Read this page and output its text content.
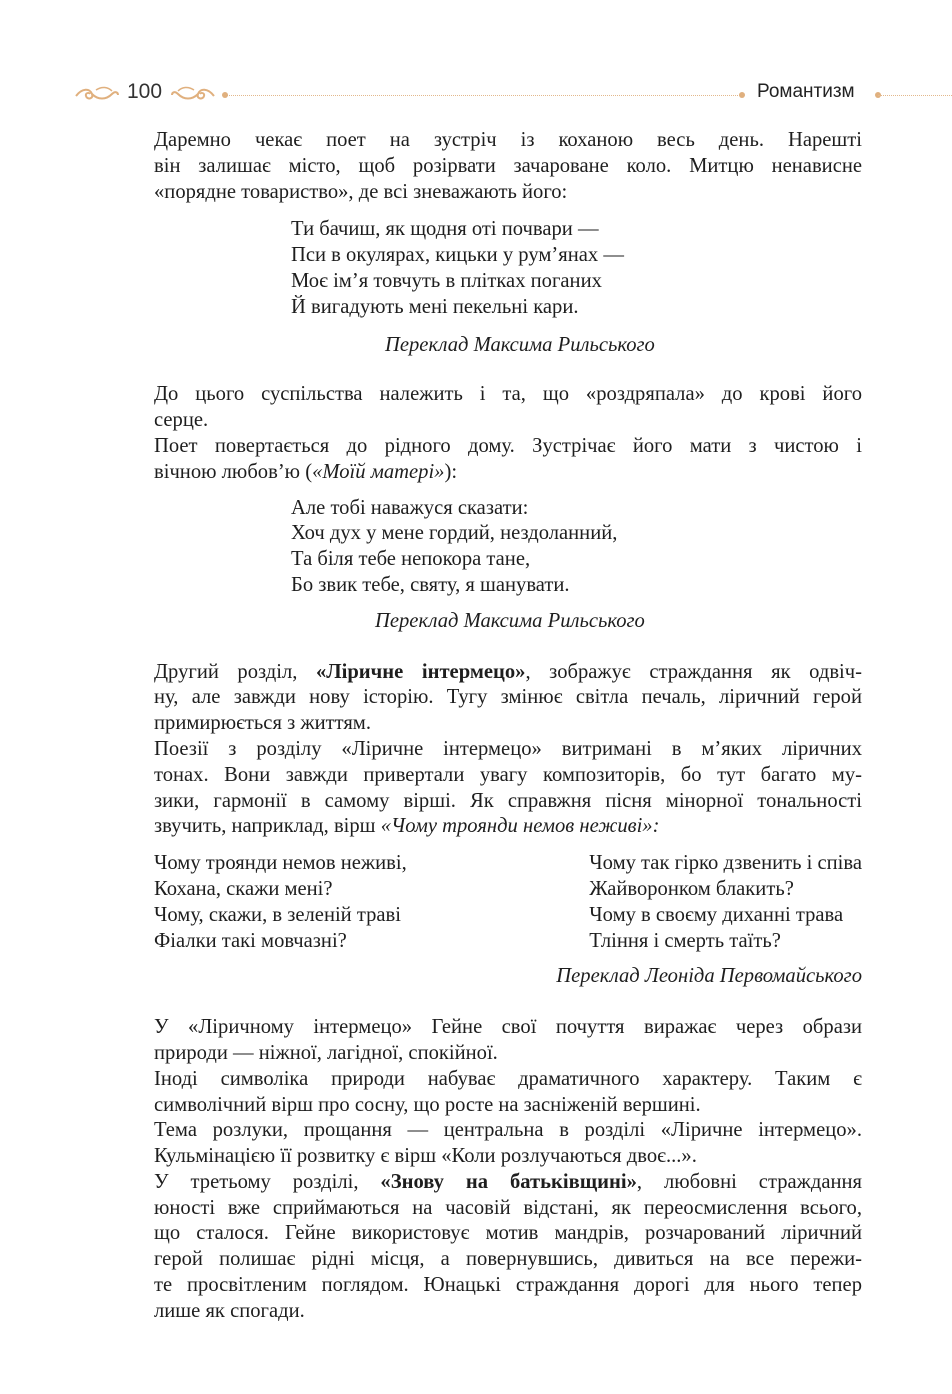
100	Романтизм

Даремно чекає поет на зустріч із коханою весь день. Нарешті
він залишає місто, щоб розірвати зачароване коло. Митцю ненависне
«порядне товариство», де всі зневажають його:

Ти бачиш, як щодня оті почвари —
Пси в окулярах, кицьки у рум’янах —
Моє ім’я товчуть в плітках поганих
Й вигадують мені пекельні кари.
Переклад Максима Рильського

До цього суспільства належить і та, що «роздряпала» до крові його
серце.

Поет повертається до рідного дому. Зустрічає його мати з чистою і
вічною любов’ю («Моїй матері»):

Але тобі наважуся сказати:
Хоч дух у мене гордий, нездоланний,
Та біля тебе непокора тане,
Бо звик тебе, святу, я шанувати.
Переклад Максима Рильського

Другий розділ, «Ліричне інтермецо», зображує страждання як одвіч-
ну, але завжди нову історію. Тугу змінює світла печаль, ліричний герой
примирюється з життям.

Поезії з розділу «Ліричне інтермецо» витримані в м’яких ліричних
тонах. Вони завжди привертали увагу композиторів, бо тут багато му-
зики, гармонії в самому вірші. Як справжня пісня мінорної тональності
звучить, наприклад, вірш «Чому троянди немов неживі»:

Чому троянди немов неживі,
Кохана, скажи мені?
Чому, скажи, в зеленій траві
Фіалки такі мовчазні?
Чому так гірко дзвенить і співа
Жайворонком блакить?
Чому в своєму диханні трава
Тління і смерть таїть?
Переклад Леоніда Первомайського

У «Ліричному інтермецо» Гейне свої почуття виражає через образи
природи — ніжної, лагідної, спокійної.

Іноді символіка природи набуває драматичного характеру. Таким є
символічний вірш про сосну, що росте на засніженій вершині.

Тема розлуки, прощання — центральна в розділі «Ліричне інтермецо».
Кульмінацією її розвитку є вірш «Коли розлучаються двоє...».

У третьому розділі, «Знову на батьківщині», любовні страждання
юності вже сприймаються на часовій відстані, як переосмислення всього,
що сталося. Гейне використовує мотив мандрів, розчарований ліричний
герой полишає рідні місця, а повернувшись, дивиться на все пережи-
те просвітленим поглядом. Юнацькі страждання дорогі для нього тепер
лише як спогади.
